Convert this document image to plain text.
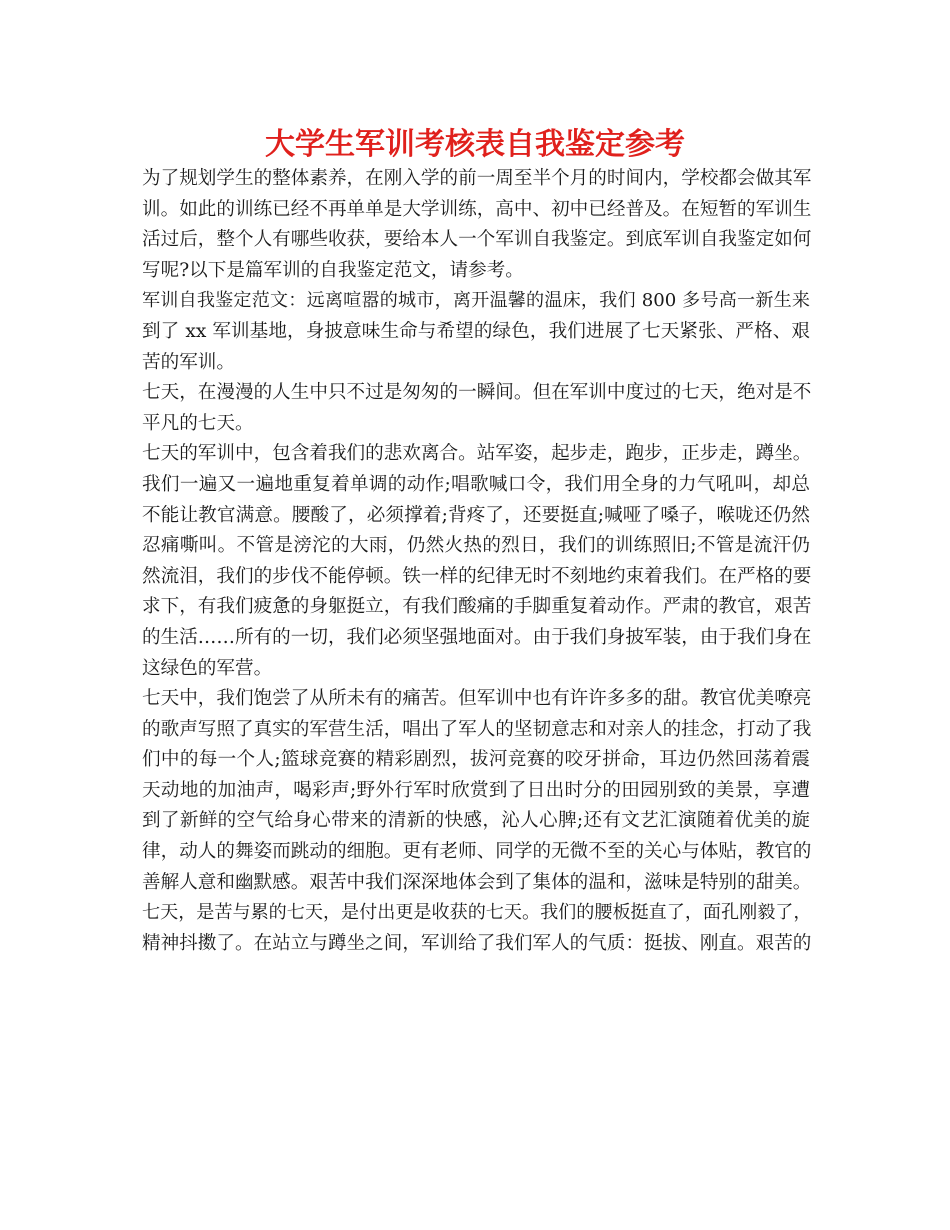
大学生军训考核表自我鉴定参考
为了规划学生的整体素养，在刚入学的前一周至半个月的时间内，学校都会做其军
训。如此的训练已经不再单单是大学训练，高中、初中已经普及。在短暂的军训生
活过后，整个人有哪些收获，要给本人一个军训自我鉴定。到底军训自我鉴定如何
写呢?以下是篇军训的自我鉴定范文，请参考。
军训自我鉴定范文：远离喧嚣的城市，离开温馨的温床，我们 800 多号高一新生来
到了 xx 军训基地，身披意味生命与希望的绿色，我们进展了七天紧张、严格、艰
苦的军训。
七天，在漫漫的人生中只不过是匆匆的一瞬间。但在军训中度过的七天，绝对是不
平凡的七天。
七天的军训中，包含着我们的悲欢离合。站军姿，起步走，跑步，正步走，蹲坐。
我们一遍又一遍地重复着单调的动作;唱歌喊口令，我们用全身的力气吼叫，却总
不能让教官满意。腰酸了，必须撑着;背疼了，还要挺直;喊哑了嗓子，喉咙还仍然
忍痛嘶叫。不管是滂沱的大雨，仍然火热的烈日，我们的训练照旧;不管是流汗仍
然流泪，我们的步伐不能停顿。铁一样的纪律无时不刻地约束着我们。在严格的要
求下，有我们疲惫的身躯挺立，有我们酸痛的手脚重复着动作。严肃的教官，艰苦
的生活……所有的一切，我们必须坚强地面对。由于我们身披军装，由于我们身在
这绿色的军营。
七天中，我们饱尝了从所未有的痛苦。但军训中也有许许多多的甜。教官优美嘹亮
的歌声写照了真实的军营生活，唱出了军人的坚韧意志和对亲人的挂念，打动了我
们中的每一个人;篮球竞赛的精彩剧烈，拔河竞赛的咬牙拼命，耳边仍然回荡着震
天动地的加油声，喝彩声;野外行军时欣赏到了日出时分的田园别致的美景，享遭
到了新鲜的空气给身心带来的清新的快感，沁人心脾;还有文艺汇演随着优美的旋
律，动人的舞姿而跳动的细胞。更有老师、同学的无微不至的关心与体贴，教官的
善解人意和幽默感。艰苦中我们深深地体会到了集体的温和，滋味是特别的甜美。
七天，是苦与累的七天，是付出更是收获的七天。我们的腰板挺直了，面孔刚毅了，
精神抖擞了。在站立与蹲坐之间，军训给了我们军人的气质：挺拔、刚直。艰苦的
